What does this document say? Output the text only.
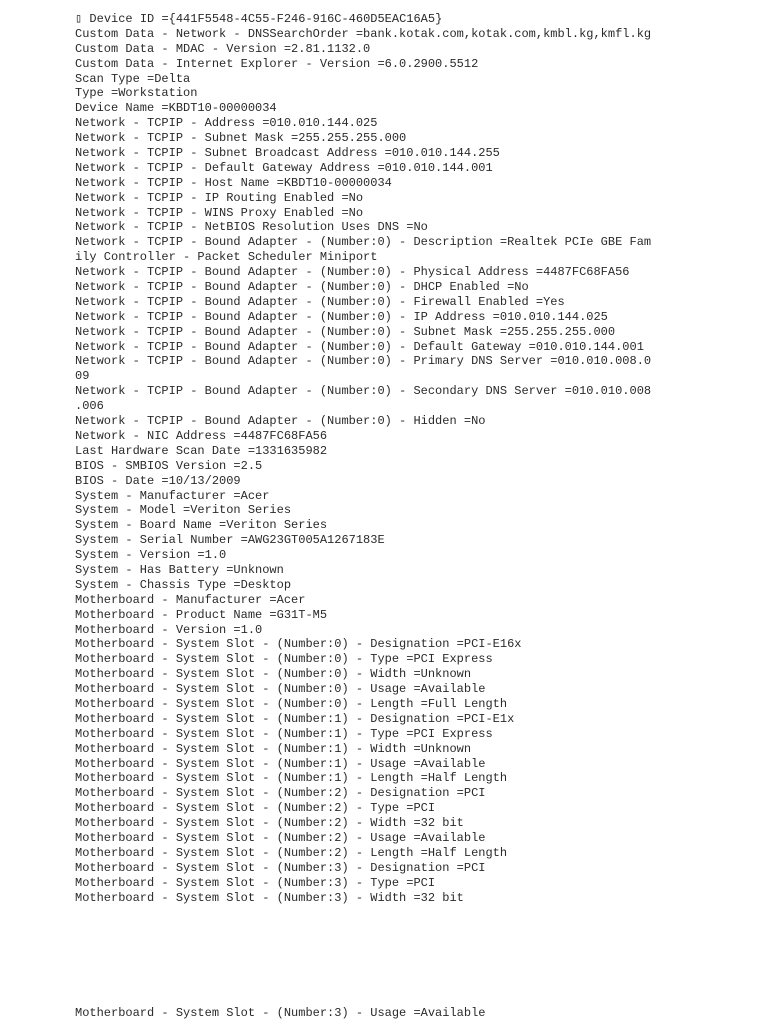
▯ Device ID ={441F5548-4C55-F246-916C-460D5EAC16A5}
Custom Data - Network - DNSSearchOrder =bank.kotak.com,kotak.com,kmbl.kg,kmfl.kg
Custom Data - MDAC - Version =2.81.1132.0
Custom Data - Internet Explorer - Version =6.0.2900.5512
Scan Type =Delta
Type =Workstation
Device Name =KBDT10-00000034
Network - TCPIP - Address =010.010.144.025
Network - TCPIP - Subnet Mask =255.255.255.000
Network - TCPIP - Subnet Broadcast Address =010.010.144.255
Network - TCPIP - Default Gateway Address =010.010.144.001
Network - TCPIP - Host Name =KBDT10-00000034
Network - TCPIP - IP Routing Enabled =No
Network - TCPIP - WINS Proxy Enabled =No
Network - TCPIP - NetBIOS Resolution Uses DNS =No
Network - TCPIP - Bound Adapter - (Number:0) - Description =Realtek PCIe GBE Fam
ily Controller - Packet Scheduler Miniport
Network - TCPIP - Bound Adapter - (Number:0) - Physical Address =4487FC68FA56
Network - TCPIP - Bound Adapter - (Number:0) - DHCP Enabled =No
Network - TCPIP - Bound Adapter - (Number:0) - Firewall Enabled =Yes
Network - TCPIP - Bound Adapter - (Number:0) - IP Address =010.010.144.025
Network - TCPIP - Bound Adapter - (Number:0) - Subnet Mask =255.255.255.000
Network - TCPIP - Bound Adapter - (Number:0) - Default Gateway =010.010.144.001
Network - TCPIP - Bound Adapter - (Number:0) - Primary DNS Server =010.010.008.0
09
Network - TCPIP - Bound Adapter - (Number:0) - Secondary DNS Server =010.010.008
.006
Network - TCPIP - Bound Adapter - (Number:0) - Hidden =No
Network - NIC Address =4487FC68FA56
Last Hardware Scan Date =1331635982
BIOS - SMBIOS Version =2.5
BIOS - Date =10/13/2009
System - Manufacturer =Acer
System - Model =Veriton Series
System - Board Name =Veriton Series
System - Serial Number =AWG23GT005A1267183E
System - Version =1.0
System - Has Battery =Unknown
System - Chassis Type =Desktop
Motherboard - Manufacturer =Acer
Motherboard - Product Name =G31T-M5
Motherboard - Version =1.0
Motherboard - System Slot - (Number:0) - Designation =PCI-E16x
Motherboard - System Slot - (Number:0) - Type =PCI Express
Motherboard - System Slot - (Number:0) - Width =Unknown
Motherboard - System Slot - (Number:0) - Usage =Available
Motherboard - System Slot - (Number:0) - Length =Full Length
Motherboard - System Slot - (Number:1) - Designation =PCI-E1x
Motherboard - System Slot - (Number:1) - Type =PCI Express
Motherboard - System Slot - (Number:1) - Width =Unknown
Motherboard - System Slot - (Number:1) - Usage =Available
Motherboard - System Slot - (Number:1) - Length =Half Length
Motherboard - System Slot - (Number:2) - Designation =PCI
Motherboard - System Slot - (Number:2) - Type =PCI
Motherboard - System Slot - (Number:2) - Width =32 bit
Motherboard - System Slot - (Number:2) - Usage =Available
Motherboard - System Slot - (Number:2) - Length =Half Length
Motherboard - System Slot - (Number:3) - Designation =PCI
Motherboard - System Slot - (Number:3) - Type =PCI
Motherboard - System Slot - (Number:3) - Width =32 bit
Motherboard - System Slot - (Number:3) - Usage =Available
